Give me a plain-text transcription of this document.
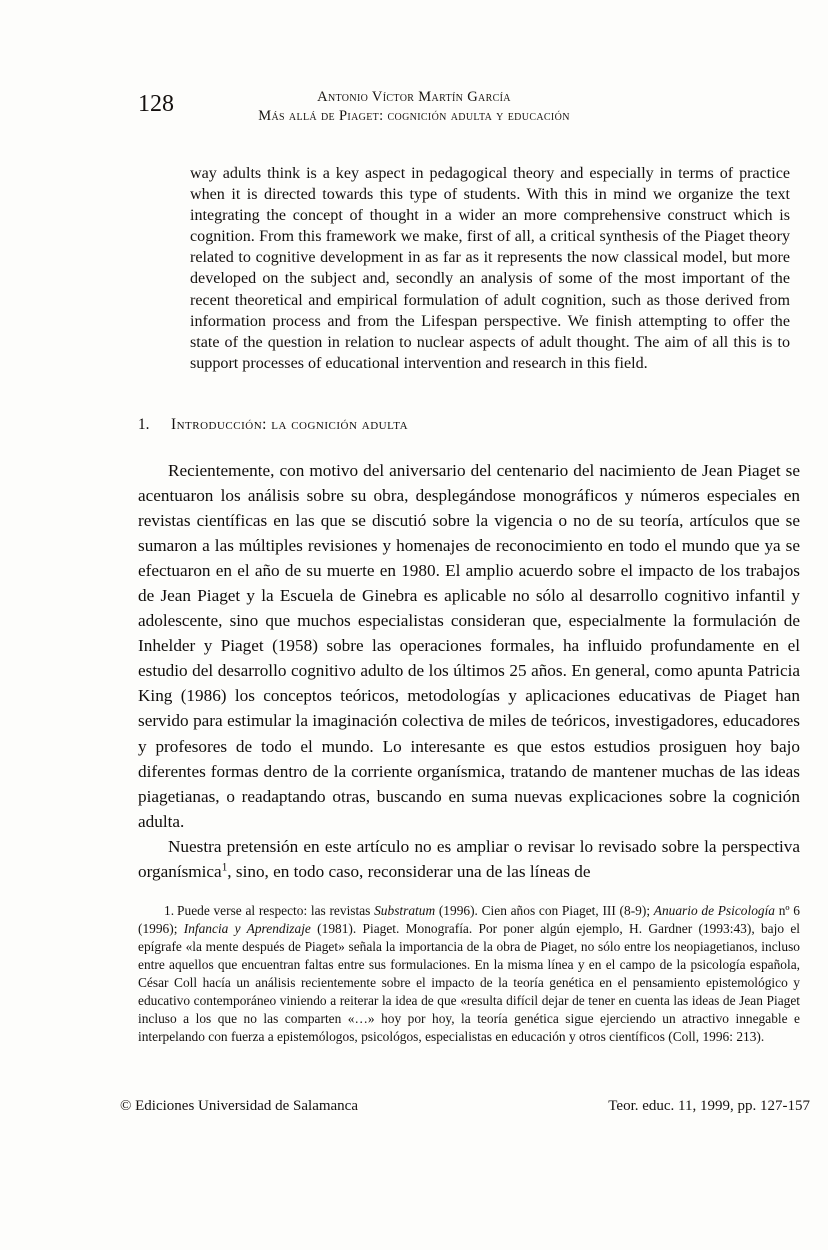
128	Antonio Víctor Martín García
Más allá de Piaget: cognición adulta y educación
way adults think is a key aspect in pedagogical theory and especially in terms of practice when it is directed towards this type of students. With this in mind we organize the text integrating the concept of thought in a wider an more comprehensive construct which is cognition. From this framework we make, first of all, a critical synthesis of the Piaget theory related to cognitive development in as far as it represents the now classical model, but more developed on the subject and, secondly an analysis of some of the most important of the recent theoretical and empirical formulation of adult cognition, such as those derived from information process and from the Lifespan perspective. We finish attempting to offer the state of the question in relation to nuclear aspects of adult thought. The aim of all this is to support processes of educational intervention and research in this field.
1. Introducción: la cognición adulta

Recientemente, con motivo del aniversario del centenario del nacimiento de Jean Piaget se acentuaron los análisis sobre su obra, desplegándose monográficos y números especiales en revistas científicas en las que se discutió sobre la vigencia o no de su teoría, artículos que se sumaron a las múltiples revisiones y homenajes de reconocimiento en todo el mundo que ya se efectuaron en el año de su muerte en 1980. El amplio acuerdo sobre el impacto de los trabajos de Jean Piaget y la Escuela de Ginebra es aplicable no sólo al desarrollo cognitivo infantil y adolescente, sino que muchos especialistas consideran que, especialmente la formulación de Inhelder y Piaget (1958) sobre las operaciones formales, ha influido profundamente en el estudio del desarrollo cognitivo adulto de los últimos 25 años. En general, como apunta Patricia King (1986) los conceptos teóricos, metodologías y aplicaciones educativas de Piaget han servido para estimular la imaginación colectiva de miles de teóricos, investigadores, educadores y profesores de todo el mundo. Lo interesante es que estos estudios prosiguen hoy bajo diferentes formas dentro de la corriente organísmica, tratando de mantener muchas de las ideas piagetianas, o readaptando otras, buscando en suma nuevas explicaciones sobre la cognición adulta.

Nuestra pretensión en este artículo no es ampliar o revisar lo revisado sobre la perspectiva organísmica$^1$, sino, en todo caso, reconsiderar una de las líneas de

1. Puede verse al respecto: las revistas Substratum (1996). Cien años con Piaget, III (8-9); Anuario de Psicología nº 6 (1996); Infancia y Aprendizaje (1981). Piaget. Monografía. Por poner algún ejemplo, H. Gardner (1993:43), bajo el epígrafe «la mente después de Piaget» señala la importancia de la obra de Piaget, no sólo entre los neopiagetianos, incluso entre aquellos que encuentran faltas entre sus formulaciones. En la misma línea y en el campo de la psicología española, César Coll hacía un análisis recientemente sobre el impacto de la teoría genética en el pensamiento epistemológico y educativo contemporáneo viniendo a reiterar la idea de que «resulta difícil dejar de tener en cuenta las ideas de Jean Piaget incluso a los que no las comparten «…» hoy por hoy, la teoría genética sigue ejerciendo un atractivo innegable e interpelando con fuerza a epistemólogos, psicológos, especialistas en educación y otros científicos (Coll, 1996: 213).

© Ediciones Universidad de Salamanca	Teor. educ. 11, 1999, pp. 127-157
